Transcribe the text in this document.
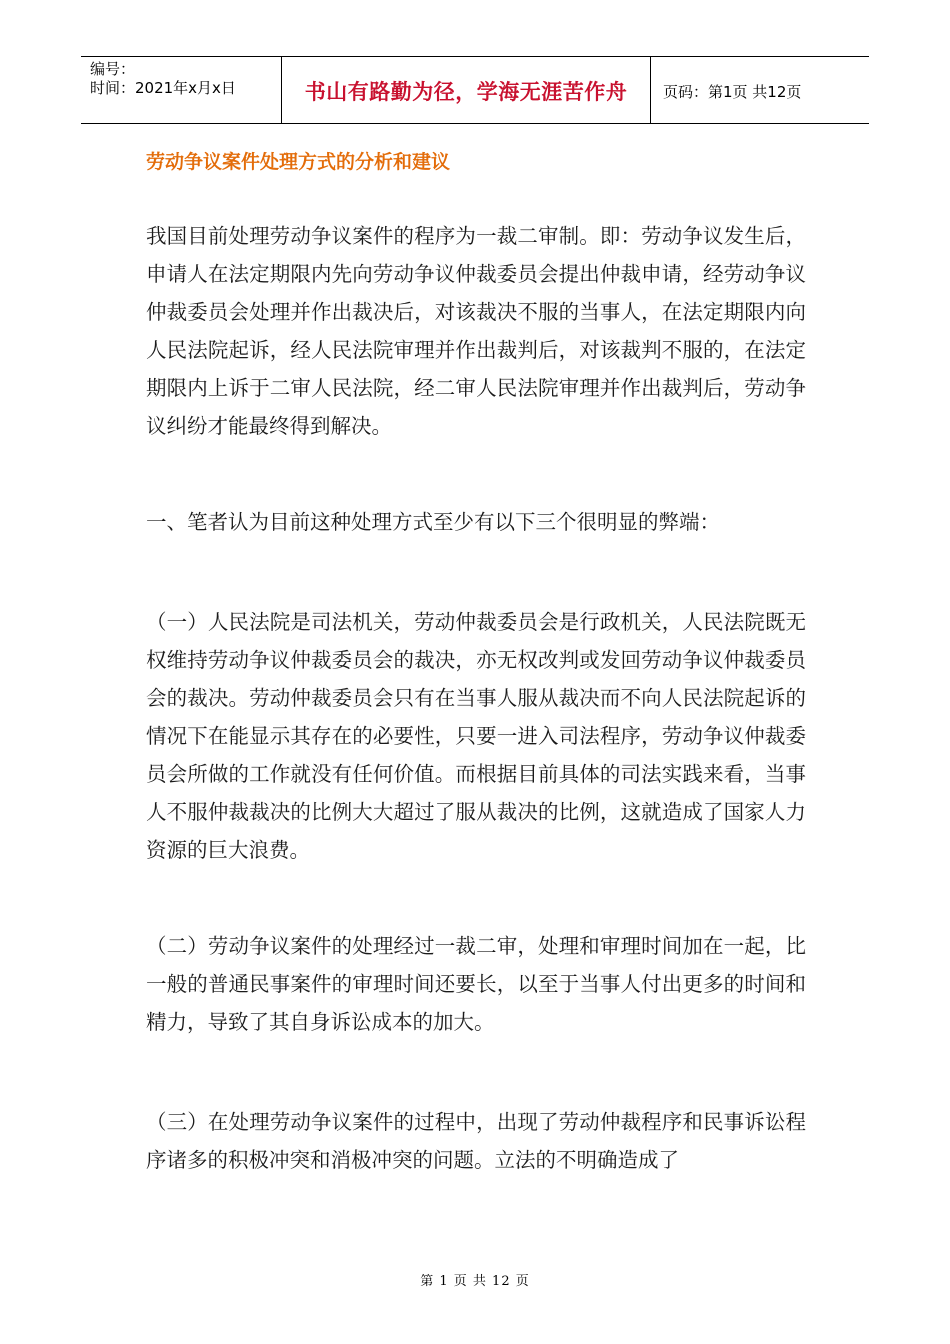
编号：
时间：2021年x月x日	书山有路勤为径，学海无涯苦作舟 页码：第1页 共12页
劳动争议案件处理方式的分析和建议

我国目前处理劳动争议案件的程序为一裁二审制。即：劳动争议发生后，申请人在法定期限内先向劳动争议仲裁委员会提出仲裁申请，经劳动争议仲裁委员会处理并作出裁决后，对该裁决不服的当事人，在法定期限内向人民法院起诉，经人民法院审理并作出裁判后，对该裁判不服的，在法定期限内上诉于二审人民法院，经二审人民法院审理并作出裁判后，劳动争议纠纷才能最终得到解决。

一、笔者认为目前这种处理方式至少有以下三个很明显的弊端：

（一）人民法院是司法机关，劳动仲裁委员会是行政机关，人民法院既无权维持劳动争议仲裁委员会的裁决，亦无权改判或发回劳动争议仲裁委员会的裁决。劳动仲裁委员会只有在当事人服从裁决而不向人民法院起诉的情况下在能显示其存在的必要性，只要一进入司法程序，劳动争议仲裁委员会所做的工作就没有任何价值。而根据目前具体的司法实践来看，当事人不服仲裁裁决的比例大大超过了服从裁决的比例，这就造成了国家人力资源的巨大浪费。

（二）劳动争议案件的处理经过一裁二审，处理和审理时间加在一起，比一般的普通民事案件的审理时间还要长，以至于当事人付出更多的时间和精力，导致了其自身诉讼成本的加大。

（三）在处理劳动争议案件的过程中，出现了劳动仲裁程序和民事诉讼程序诸多的积极冲突和消极冲突的问题。立法的不明确造成了

第 1 页 共 12 页
